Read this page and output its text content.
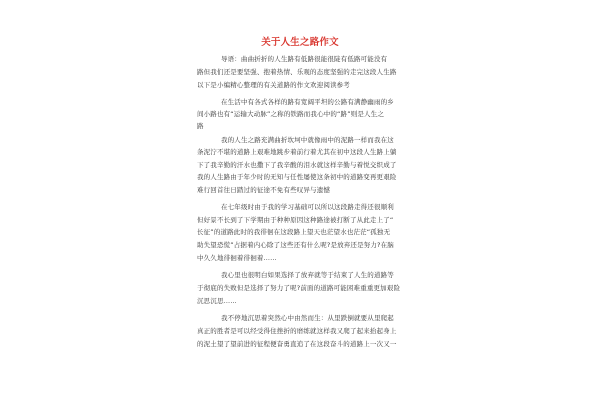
关于人生之路作文
导语：曲曲折折的人生路有低路很能很陡有低路可能没有
路但我们还是要坚强、抱着热情、乐观的态度坚强的走完这段人生路
以下是小编精心整理的有关道路的作文欢迎阅读参考
在生活中有各式各样的路有宽阔平坦的公路有满静幽雨的乡
间小路也有“运输大动脉”之称的铁路而我心中的“路”则是人生之
路
我的人生之路充满曲折坎坷中就像雨中的泥路一样而我在这
条泥泞不堪的道路上艰难地跳步着前行着尤其在初中这段人生路上躺
下了我辛勤的汗水也撒下了我辛酸的泪水就这样辛勤与着悦交织成了
我的人生路由于年少时的无知与任性屡使这条初中的道路变再更艰险
难行回首往日踏过的征途不免有些叹异与遗憾
在七年级时由于我的学习基础可以所以这段路走得还很顺利
但好景不长到了下学期由于种种原因这种路途被打断了从此走上了“
长征”的道路此时的我徘徊在这段路上望天也茫望水也茫茫“孤独无
助失望恐慌”占据着内心除了这些还有什么呢?是放弃还是努力?在脑
中久久地徘徊着徘徊着……
我心里也很明白如果选择了放弃就等于结束了人生的道路等
于彻底的失败但是选择了努力了呢?前面的道路可能困难重重更加艰险
沉思沉思……
我不停地沉思着突然心中由然而生：从里跌倒就要从里爬起
真正的胜者是可以经受得住挫折的磨练就这样我又爬了起来抬起身上
的泥土望了望前进的征程便奋勇直追了在这段奋斗的道路上一次又一
